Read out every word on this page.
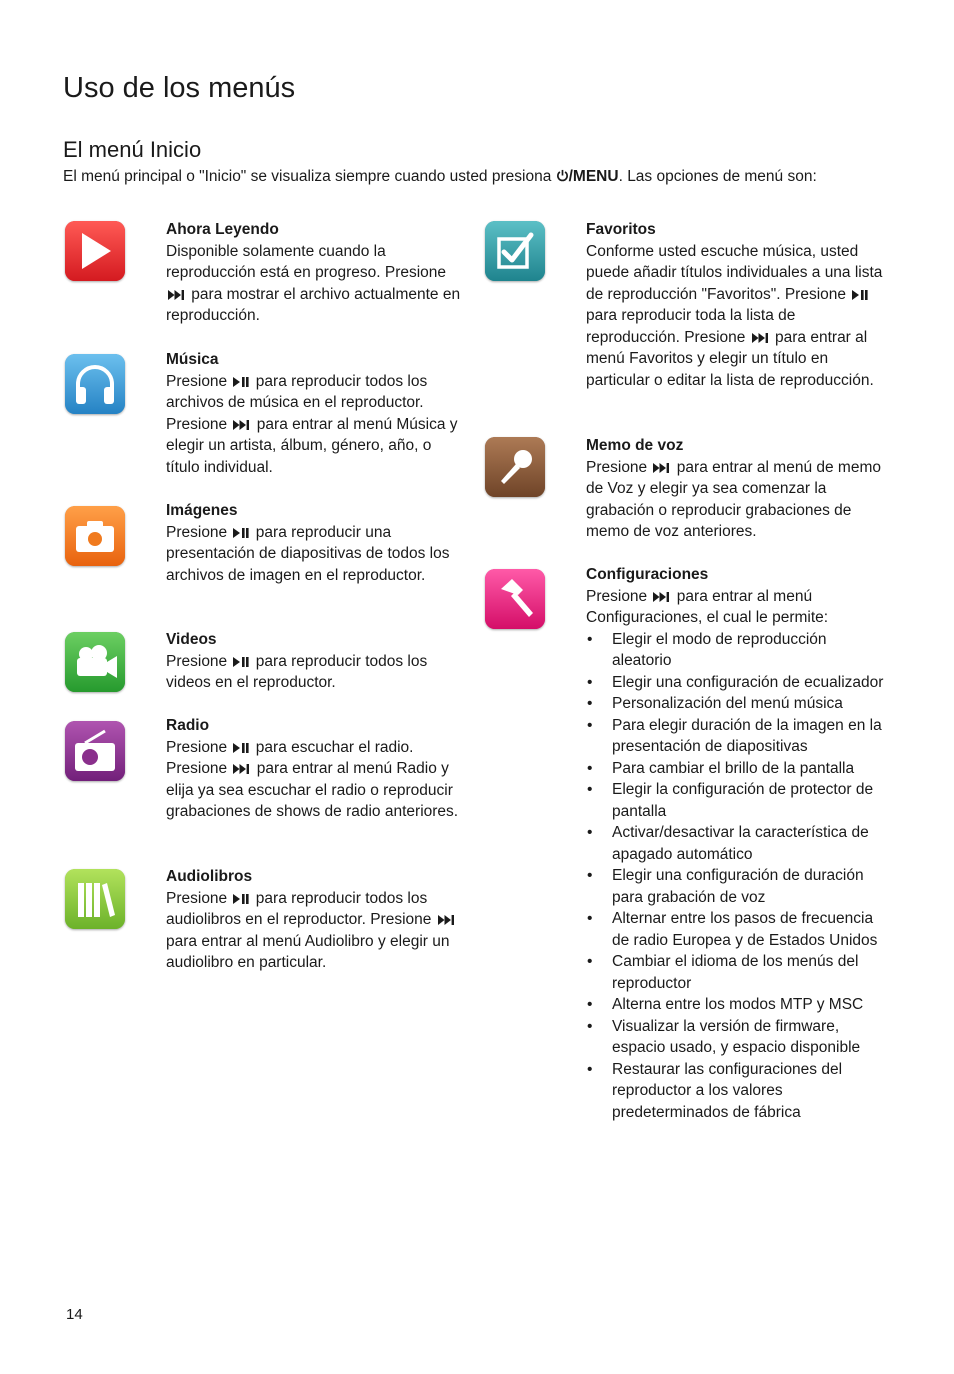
Uso de los menús
El menú Inicio
El menú principal o "Inicio" se visualiza siempre cuando usted presiona /MENU. Las opciones de menú son:
Ahora Leyendo

Disponible solamente cuando la reproducción está en progreso. Presione
para mostrar el archivo actualmente en reproducción.

Música

Presione
para reproducir todos los archivos de música en el reproductor. Presione
para entrar al menú Música y elegir un artista, álbum, género, año, o título individual.

Imágenes

Presione
para reproducir una presentación de diapositivas de todos los archivos de imagen en el reproductor.

Videos

Presione
para reproducir todos los videos en el reproductor.

Radio

Presione
para escuchar el radio. Presione
para entrar al menú Radio y elija ya sea escuchar el radio o reproducir grabaciones de shows de radio anteriores.

Audiolibros

Presione
para reproducir todos los audiolibros en el reproductor. Presione
para entrar al menú Audiolibro y elegir un audiolibro en particular.

Favoritos

Conforme usted escuche música, usted puede añadir títulos individuales a una lista de reproducción "Favoritos". Presione
para reproducir toda la lista de reproducción. Presione
para entrar al menú Favoritos y elegir un título en particular o editar la lista de reproducción.

Memo de voz

Presione
para entrar al menú de memo de Voz y elegir ya sea comenzar la grabación o reproducir grabaciones de memo de voz anteriores.

Configuraciones

Presione
para entrar al menú Configuraciones, el cual le permite:

• Elegir el modo de reproducción aleatorio
• Elegir una configuración de ecualizador
• Personalización del menú música
• Para elegir duración de la imagen en la presentación de diapositivas
• Para cambiar el brillo de la pantalla
• Elegir la configuración de protector de pantalla
• Activar/desactivar la característica de apagado automático
• Elegir una configuración de duración para grabación de voz
• Alternar entre los pasos de frecuencia de radio Europea y de Estados Unidos
• Cambiar el idioma de los menús del reproductor
• Alterna entre los modos MTP y MSC
• Visualizar la versión de firmware, espacio usado, y espacio disponible
• Restaurar las configuraciones del reproductor a los valores predeterminados de fábrica
14
